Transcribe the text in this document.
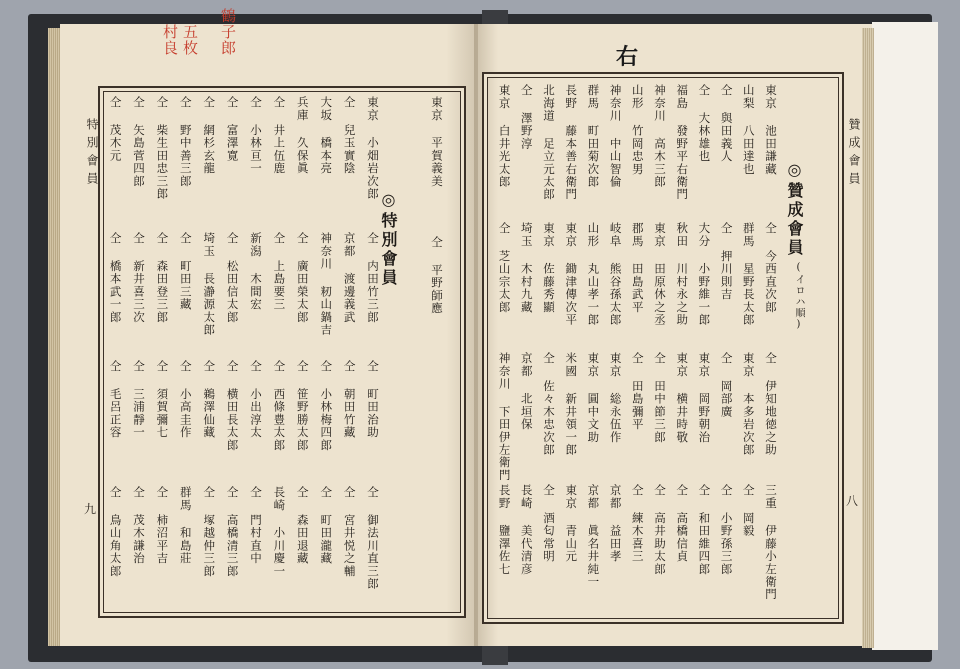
特別會員
九
村良 五枚 鶴子郎
東京 平賀義美
仝 平野師應
◎特別會員
東京 小畑岩次郎
仝 内田竹三郎
仝 町田治助
仝 御法川直三郎
仝 兒玉實陰
京都 渡邊義武
仝 朝田竹藏
仝 宮井悦之輔
大坂 橋本亮
神奈川 籾山鍋吉
仝 小林梅四郎
仝 町田瀧藏
兵庫 久保眞
仝 廣田榮太郎
仝 笹野勝太郎
仝 森田退藏
仝 井上伍鹿
仝 上島要三
仝 西條豊太郎
長崎 小川慶一
仝 小林亘一
新潟 木間宏
仝 小出淳太
仝 門村直中
仝 富澤寛
仝 松田信太郎
仝 横田長太郎
仝 高橋清三郎
仝 網杉玄龍
埼玉 長瀞源太郎
仝 鵜澤仙藏
仝 塚越仲三郎
仝 野中善三郎
仝 町田三藏
仝 小高圭作
群馬 和島莊
仝 柴生田忠三郎
仝 森田登三郎
仝 須賀彌七
仝 柿沼平吉
仝 矢島菅四郎
仝 新井喜三次
仝 三浦靜一
仝 茂木謙治
仝 茂木元
仝 橋本武一郎
仝 毛呂正容
仝 鳥山角太郎
贊成會員
八
右
◎贊成會員
(イロハ順)
東京 池田謙藏
仝 今西直次郎
仝 伊知地徳之助
三重 伊藤小左衛門
山梨 八田達也
群馬 星野長太郎
東京 本多岩次郎
仝 岡毅
仝 與田義人
仝 押川則吉
仝 岡部廣
仝 小野孫三郎
仝 大林雄也
大分 小野維一郎
東京 岡野朝治
仝 和田維四郎
福島 發野平右衛門
秋田 川村永之助
東京 横井時敬
仝 高橋信貞
神奈川 高木三郎
東京 田原休之丞
仝 田中節三郎
仝 高井助太郎
山形 竹岡忠男
郡馬 田島武平
仝 田島彌平
仝 練木喜三
神奈川 中山智倫
岐阜 熊谷孫太郎
東京 総永伍作
京都 益田孝
群馬 町田菊次郎
山形 丸山孝一郎
東京 圓中文助
京都 眞名井純一
長野 藤本善右衛門
東京 鋤津傳次平
米國 新井領一郎
東京 青山元
北海道 足立元太郎
東京 佐藤秀顯
仝 佐々木忠次郎
仝 酒匂常明
仝 澤野淳
埼玉 木村九藏
京都 北垣保
長崎 美代清彦
東京 白井光太郎
仝 芝山宗太郎
神奈川 下田伊左衛門
長野 鹽澤佐七
